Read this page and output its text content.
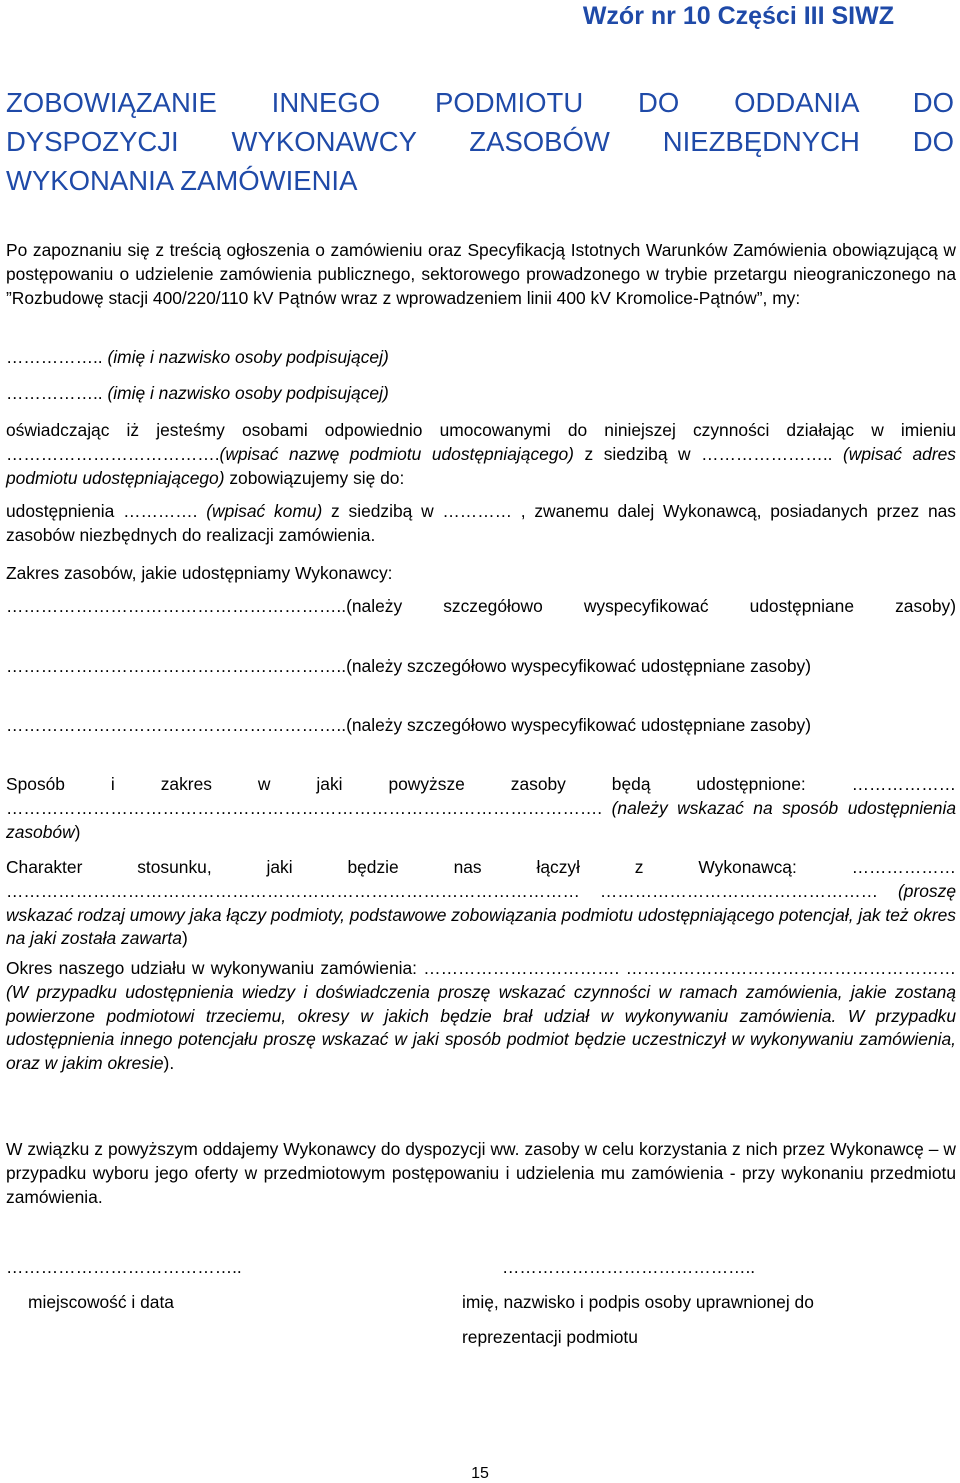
Wzór nr 10 Części III SIWZ
ZOBOWIĄZANIE INNEGO PODMIOTU DO ODDANIA DO
DYSPOZYCJI WYKONAWCY ZASOBÓW NIEZBĘDNYCH DO
WYKONANIA ZAMÓWIENIA
Po zapoznaniu się z treścią ogłoszenia o zamówieniu oraz Specyfikacją Istotnych Warunków Zamówienia obowiązującą w postępowaniu o udzielenie zamówienia publicznego, sektorowego prowadzonego w trybie przetargu nieograniczonego na ”Rozbudowę stacji 400/220/110 kV Pątnów wraz z wprowadzeniem linii 400 kV Kromolice-Pątnów”, my:
…………….. (imię i nazwisko osoby podpisującej)
…………….. (imię i nazwisko osoby podpisującej)
oświadczając iż jesteśmy osobami odpowiednio umocowanymi do niniejszej czynności działając w imieniu ……………………………….(wpisać nazwę podmiotu udostępniającego) z siedzibą w ………………….. (wpisać adres podmiotu udostępniającego) zobowiązujemy się do:
udostępnienia …………. (wpisać komu) z siedzibą w ………… , zwanemu dalej Wykonawcą, posiadanych przez nas zasobów niezbędnych do realizacji zamówienia.
Zakres zasobów, jakie udostępniamy Wykonawcy:
…………………………………………………..(należy szczegółowo wyspecyfikować udostępniane zasoby)
…………………………………………………..(należy szczegółowo wyspecyfikować udostępniane zasoby)
…………………………………………………..(należy szczegółowo wyspecyfikować udostępniane zasoby)
Sposób i zakres w jaki powyższe zasoby będą udostępnione: ……………… …………………………………………………………………………………………. (należy wskazać na sposób udostępnienia zasobów)
Charakter stosunku, jaki będzie nas łączył z Wykonawcą: ……………… ……………………………………………………………………………………… ………………………………………… (proszę wskazać rodzaj umowy jaka łączy podmioty, podstawowe zobowiązania podmiotu udostępniającego potencjał, jak też okres na jaki została zawarta)
Okres naszego udziału w wykonywaniu zamówienia: ……………………………. ………………………………………………… (W przypadku udostępnienia wiedzy i doświadczenia proszę wskazać czynności w ramach zamówienia, jakie zostaną powierzone podmiotowi trzeciemu, okresy w jakich będzie brał udział w wykonywaniu zamówienia. W przypadku udostępnienia innego potencjału proszę wskazać w jaki sposób podmiot będzie uczestniczył w wykonywaniu zamówienia, oraz w jakim okresie).
W związku z powyższym oddajemy Wykonawcy do dyspozycji ww. zasoby w celu korzystania z nich przez Wykonawcę – w przypadku wyboru jego oferty w przedmiotowym postępowaniu i udzielenia mu zamówienia - przy wykonaniu przedmiotu zamówienia.
…………………………………..	……………………………………..
miejscowość i data	imię, nazwisko i podpis osoby uprawnionej do
reprezentacji podmiotu
15
